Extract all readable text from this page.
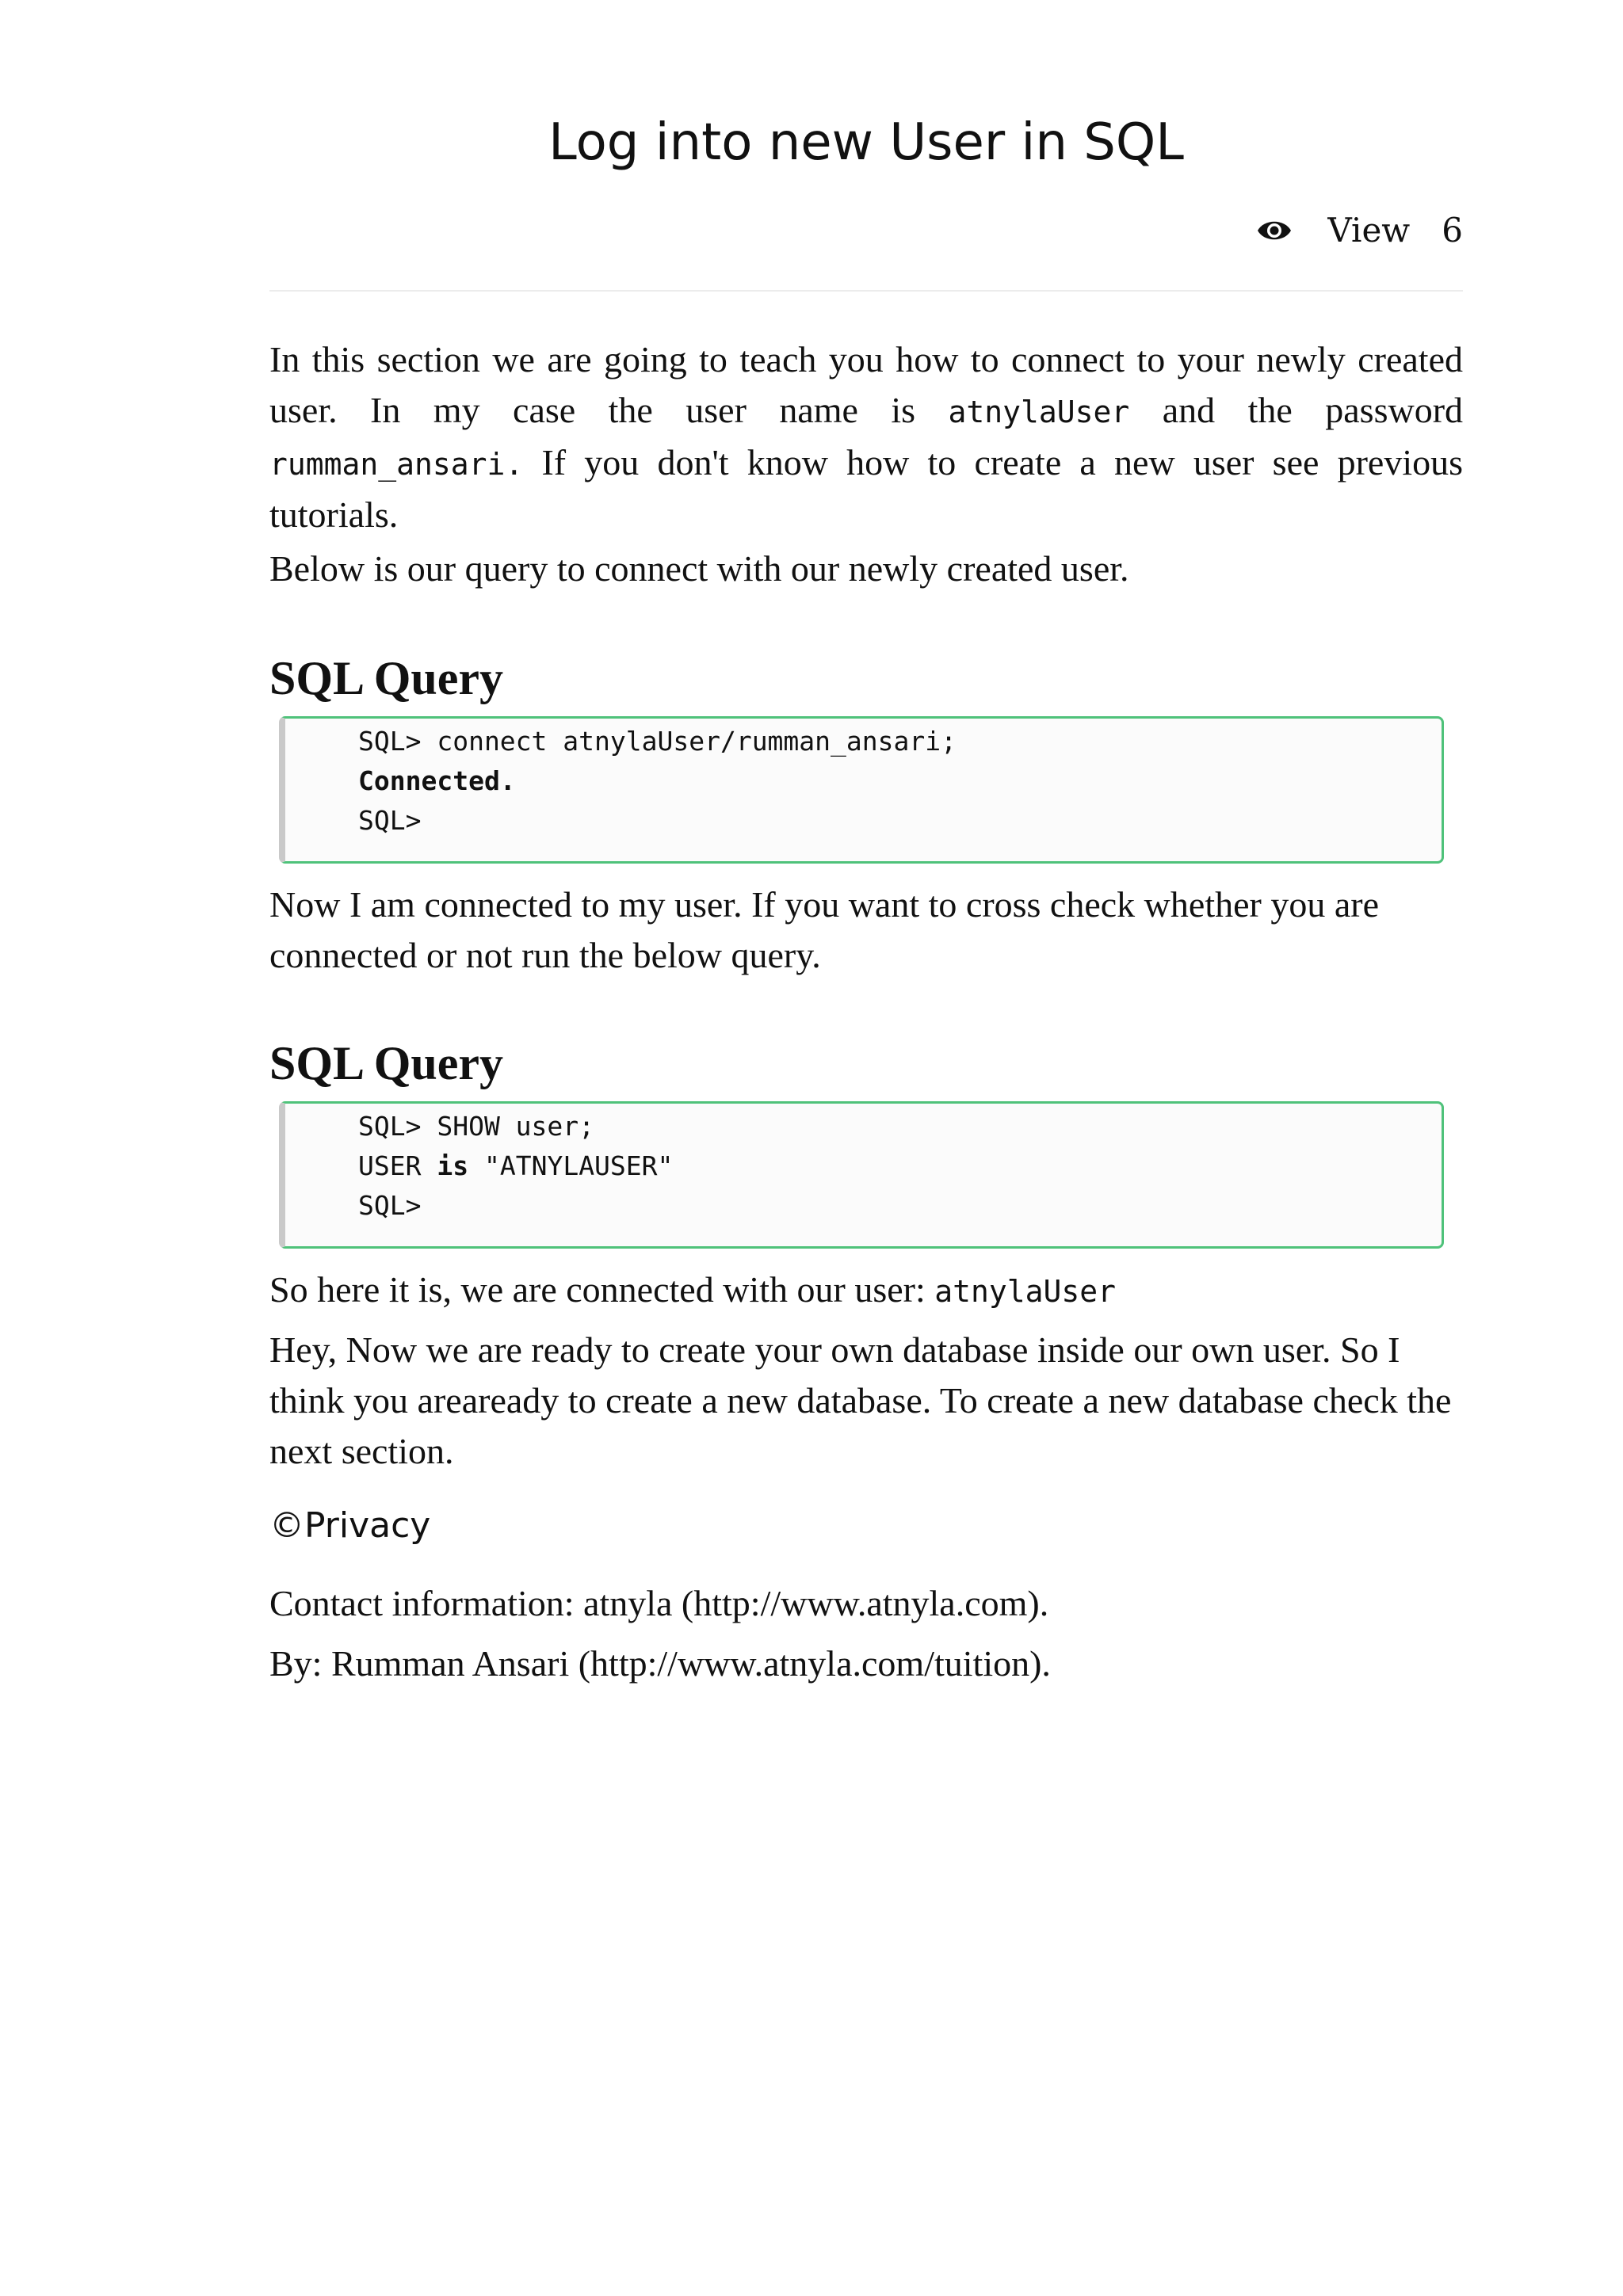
Log into new User in SQL
View 6

In this section we are going to teach you how to connect to your newly created user. In my case the user name is atnylaUser and the password rumman_ansari. If you don't know how to create a new user see previous tutorials.

Below is our query to connect with our newly created user.

SQL Query

SQL> connect atnylaUser/rumman_ansari;

Connected.

SQL>

Now I am connected to my user. If you want to cross check whether you are connected or not run the below query.

SQL Query

SQL> SHOW user;

USER is "ATNYLAUSER"

SQL>

So here it is, we are connected with our user: atnylaUser

Hey, Now we are ready to create your own database inside our own user. So I think you areaready to create a new database. To create a new database check the next section.

©Privacy

Contact information: atnyla (http://www.atnyla.com).

By: Rumman Ansari (http://www.atnyla.com/tuition).
